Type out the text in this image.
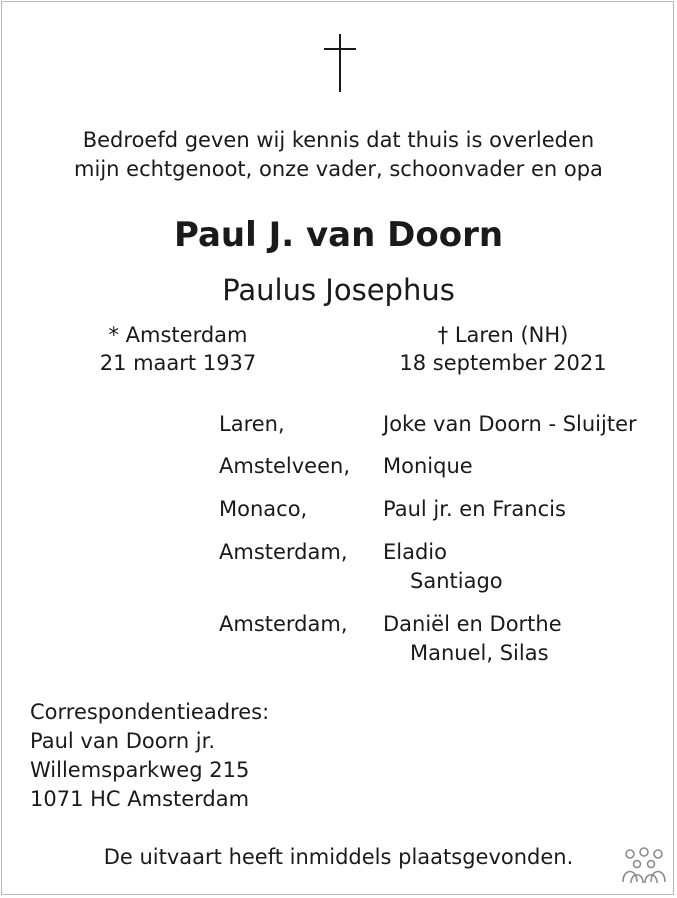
Bedroefd geven wij kennis dat thuis is overleden
mijn echtgenoot, onze vader, schoonvader en opa
Paul J. van Doorn
Paulus Josephus
* Amsterdam
21 maart 1937
† Laren (NH)
18 september 2021
Laren,	Joke van Doorn - Sluijter
Amstelveen, Monique
Monaco,	Paul jr. en Francis
Amsterdam, Eladio
Santiago
Amsterdam, Daniël en Dorthe
Manuel, Silas
Correspondentieadres:
Paul van Doorn jr.
Willemsparkweg 215
1071 HC Amsterdam
De uitvaart heeft inmiddels plaatsgevonden.
